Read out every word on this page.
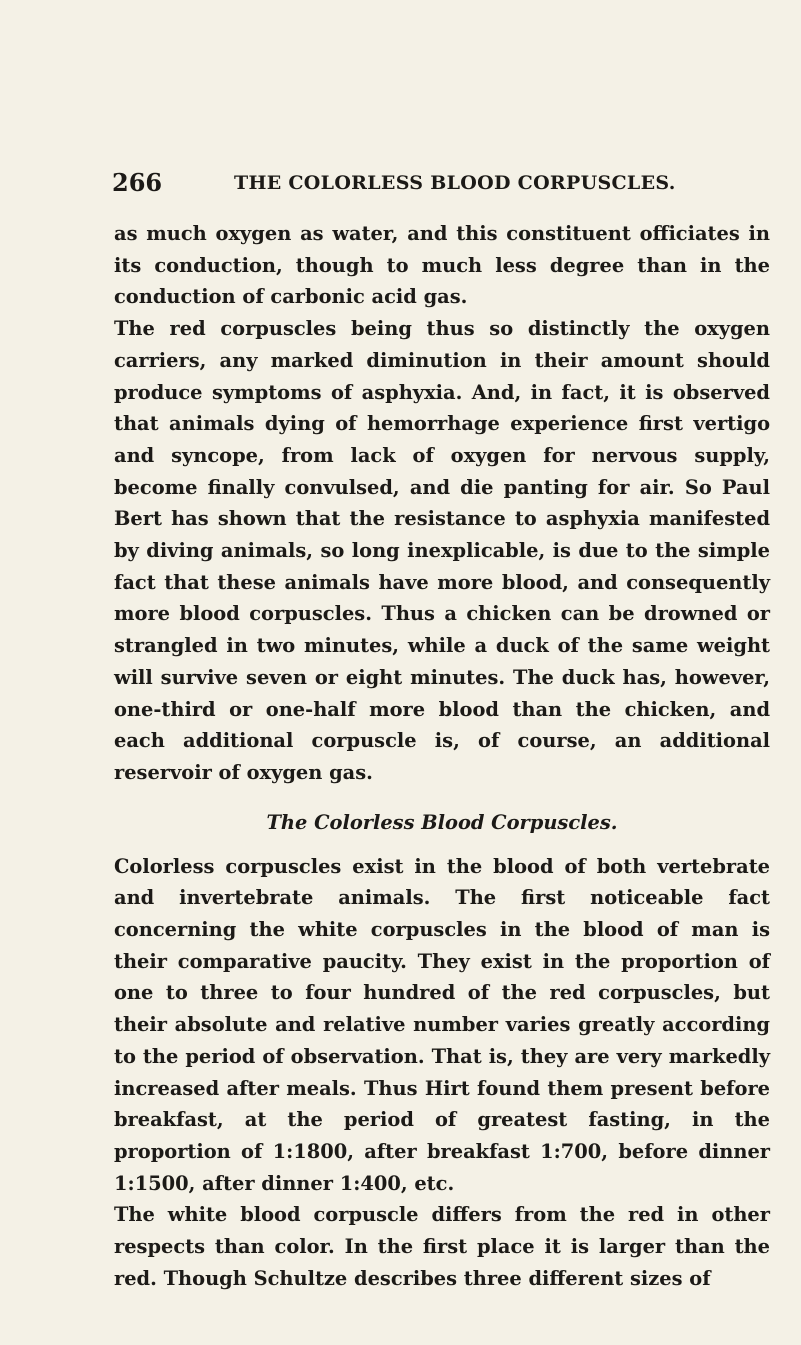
266	THE COLORLESS BLOOD CORPUSCLES.

as much oxygen as water, and this constituent officiates in its conduction, though to much less degree than in the conduction of carbonic acid gas.

The red corpuscles being thus so distinctly the oxygen carriers, any marked diminution in their amount should produce symptoms of asphyxia. And, in fact, it is observed that animals dying of hemorrhage experience first vertigo and syncope, from lack of oxygen for nervous supply, become finally convulsed, and die panting for air. So Paul Bert has shown that the resistance to asphyxia manifested by diving animals, so long inexplicable, is due to the simple fact that these animals have more blood, and consequently more blood corpuscles. Thus a chicken can be drowned or strangled in two minutes, while a duck of the same weight will survive seven or eight minutes. The duck has, however, one-third or one-half more blood than the chicken, and each additional corpuscle is, of course, an additional reservoir of oxygen gas.

The Colorless Blood Corpuscles.

Colorless corpuscles exist in the blood of both vertebrate and invertebrate animals. The first noticeable fact concerning the white corpuscles in the blood of man is their comparative paucity. They exist in the proportion of one to three to four hundred of the red corpuscles, but their absolute and relative number varies greatly according to the period of observation. That is, they are very markedly increased after meals. Thus Hirt found them present before breakfast, at the period of greatest fasting, in the proportion of 1:1800, after breakfast 1:700, before dinner 1:1500, after dinner 1:400, etc.

The white blood corpuscle differs from the red in other respects than color. In the first place it is larger than the red. Though Schultze describes three different sizes of
